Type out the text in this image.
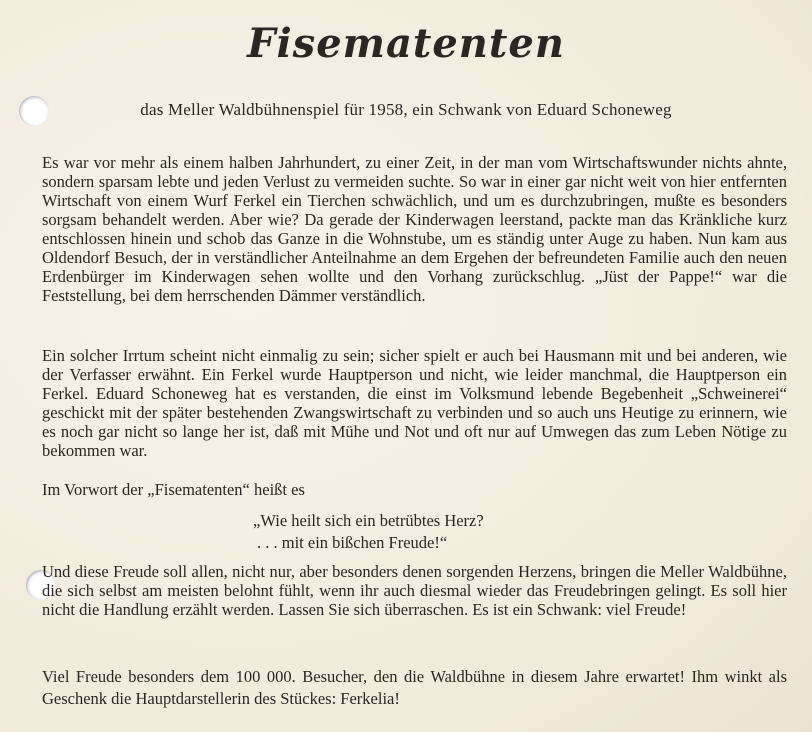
Fisematenten

das Meller Waldbühnenspiel für 1958, ein Schwank von Eduard Schoneweg

Es war vor mehr als einem halben Jahrhundert, zu einer Zeit, in der man vom Wirtschaftswunder nichts ahnte, sondern sparsam lebte und jeden Verlust zu vermeiden suchte. So war in einer gar nicht weit von hier entfernten Wirtschaft von einem Wurf Ferkel ein Tierchen schwächlich, und um es durchzubringen, mußte es besonders sorgsam behandelt werden. Aber wie? Da gerade der Kinderwagen leerstand, packte man das Kränkliche kurz entschlossen hinein und schob das Ganze in die Wohnstube, um es ständig unter Auge zu haben. Nun kam aus Oldendorf Besuch, der in verständlicher Anteilnahme an dem Ergehen der befreundeten Familie auch den neuen Erdenbürger im Kinderwagen sehen wollte und den Vorhang zurückschlug. „Jüst der Pappe!“ war die Feststellung, bei dem herrschenden Dämmer verständlich.

Ein solcher Irrtum scheint nicht einmalig zu sein; sicher spielt er auch bei Hausmann mit und bei anderen, wie der Verfasser erwähnt. Ein Ferkel wurde Hauptperson und nicht, wie leider manchmal, die Hauptperson ein Ferkel. Eduard Schoneweg hat es verstanden, die einst im Volksmund lebende Begebenheit „Schweinerei“ geschickt mit der später bestehenden Zwangswirtschaft zu verbinden und so auch uns Heutige zu erinnern, wie es noch gar nicht so lange her ist, daß mit Mühe und Not und oft nur auf Umwegen das zum Leben Nötige zu bekommen war.

Im Vorwort der „Fisematenten“ heißt es

„Wie heilt sich ein betrübtes Herz?

. . . mit ein bißchen Freude!“

Und diese Freude soll allen, nicht nur, aber besonders denen sorgenden Herzens, bringen die Meller Waldbühne, die sich selbst am meisten belohnt fühlt, wenn ihr auch diesmal wieder das Freudebringen gelingt. Es soll hier nicht die Handlung erzählt werden. Lassen Sie sich überraschen. Es ist ein Schwank: viel Freude!

Viel Freude besonders dem 100 000. Besucher, den die Waldbühne in diesem Jahre erwartet! Ihm winkt als Geschenk die Hauptdarstellerin des Stückes: Ferkelia!
